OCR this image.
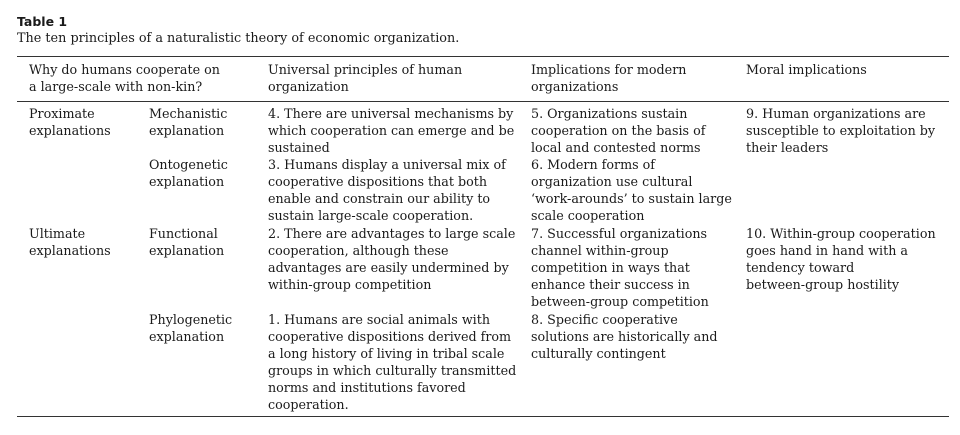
Table 1
The ten principles of a naturalistic theory of economic organization.
Why do humans cooperate on
a large-scale with non-kin?
Universal principles of human
organization
Implications for modern
organizations
Moral implications
Proximate
explanations
Mechanistic
explanation
4. There are universal mechanisms by
which cooperation can emerge and be
sustained
5. Organizations sustain
cooperation on the basis of
local and contested norms
9. Human organizations are
susceptible to exploitation by
their leaders
Ontogenetic
explanation
3. Humans display a universal mix of
cooperative dispositions that both
enable and constrain our ability to
sustain large-scale cooperation.
6. Modern forms of
organization use cultural
‘work-arounds’ to sustain large
scale cooperation
Ultimate
explanations
Functional
explanation
2. There are advantages to large scale
cooperation, although these
advantages are easily undermined by
within-group competition
7. Successful organizations
channel within-group
competition in ways that
enhance their success in
between-group competition
10. Within-group cooperation
goes hand in hand with a
tendency toward
between-group hostility
Phylogenetic
explanation
1. Humans are social animals with
cooperative dispositions derived from
a long history of living in tribal scale
groups in which culturally transmitted
norms and institutions favored
cooperation.
8. Specific cooperative
solutions are historically and
culturally contingent
